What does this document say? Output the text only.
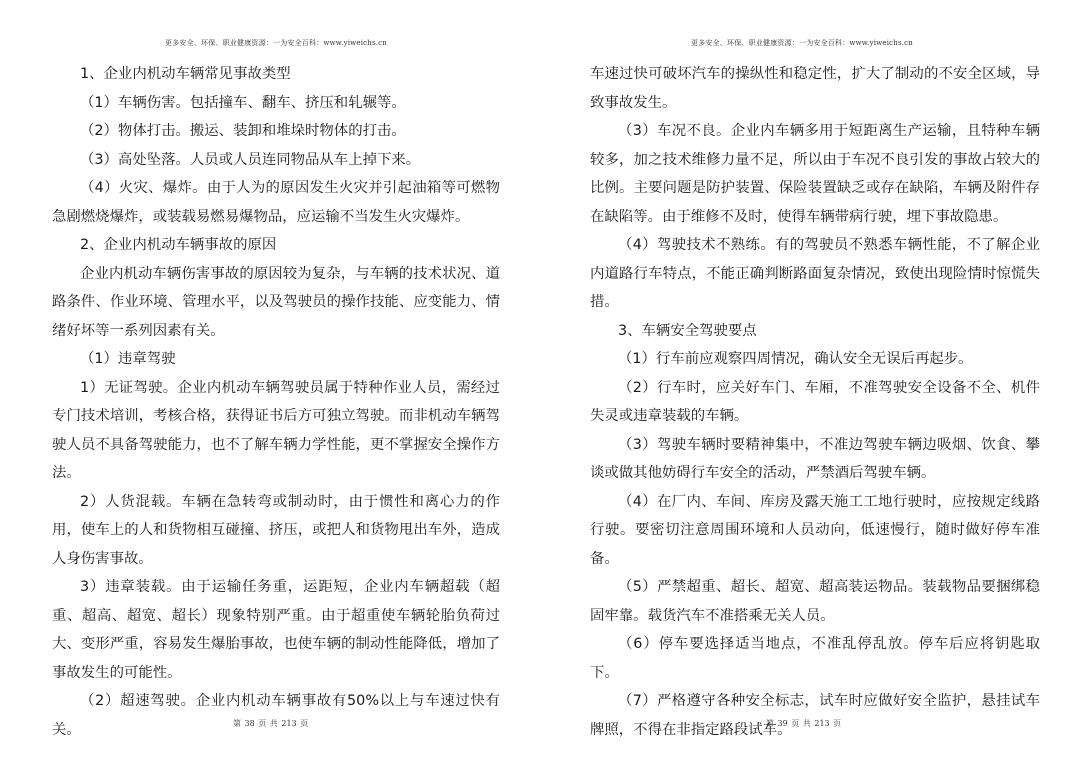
更多安全、环保、职业健康资源：一为安全百科：www.yiweichs.cn

1、企业内机动车辆常见事故类型

（1）车辆伤害。包括撞车、翻车、挤压和轧辗等。

（2）物体打击。搬运、装卸和堆垛时物体的打击。

（3）高处坠落。人员或人员连同物品从车上掉下来。

（4）火灾、爆炸。由于人为的原因发生火灾并引起油箱等可燃物急剧燃烧爆炸，或装载易燃易爆物品，应运输不当发生火灾爆炸。

2、企业内机动车辆事故的原因

企业内机动车辆伤害事故的原因较为复杂，与车辆的技术状况、道路条件、作业环境、管理水平，以及驾驶员的操作技能、应变能力、情绪好坏等一系列因素有关。

（1）违章驾驶

1）无证驾驶。企业内机动车辆驾驶员属于特种作业人员，需经过专门技术培训，考核合格，获得证书后方可独立驾驶。而非机动车辆驾驶人员不具备驾驶能力，也不了解车辆力学性能，更不掌握安全操作方法。

2）人货混载。车辆在急转弯或制动时，由于惯性和离心力的作用，使车上的人和货物相互碰撞、挤压，或把人和货物甩出车外，造成人身伤害事故。

3）违章装载。由于运输任务重，运距短，企业内车辆超载（超重、超高、超宽、超长）现象特别严重。由于超重使车辆轮胎负荷过大、变形严重，容易发生爆胎事故，也使车辆的制动性能降低，增加了事故发生的可能性。

（2）超速驾驶。企业内机动车辆事故有50%以上与车速过快有关。	第 38 页 共 213 页
更多安全、环保、职业健康资源：一为安全百科：www.yiweichs.cn

车速过快可破坏汽车的操纵性和稳定性，扩大了制动的不安全区域，导致事故发生。

（3）车况不良。企业内车辆多用于短距离生产运输，且特种车辆较多，加之技术维修力量不足，所以由于车况不良引发的事故占较大的比例。主要问题是防护装置、保险装置缺乏或存在缺陷，车辆及附件存在缺陷等。由于维修不及时，使得车辆带病行驶，埋下事故隐患。

（4）驾驶技术不熟练。有的驾驶员不熟悉车辆性能，不了解企业内道路行车特点，不能正确判断路面复杂情况，致使出现险情时惊慌失措。

3、车辆安全驾驶要点

（1）行车前应观察四周情况，确认安全无误后再起步。

（2）行车时，应关好车门、车厢，不准驾驶安全设备不全、机件失灵或违章装载的车辆。

（3）驾驶车辆时要精神集中，不准边驾驶车辆边吸烟、饮食、攀谈或做其他妨碍行车安全的活动，严禁酒后驾驶车辆。

（4）在厂内、车间、库房及露天施工工地行驶时，应按规定线路行驶。要密切注意周围环境和人员动向，低速慢行，随时做好停车准备。

（5）严禁超重、超长、超宽、超高装运物品。装载物品要捆绑稳固牢靠。载货汽车不准搭乘无关人员。

（6）停车要选择适当地点，不准乱停乱放。停车后应将钥匙取下。

（7）严格遵守各种安全标志，试车时应做好安全监护，悬挂试车牌照，不得在非指定路段试车。

第 39 页 共 213 页
